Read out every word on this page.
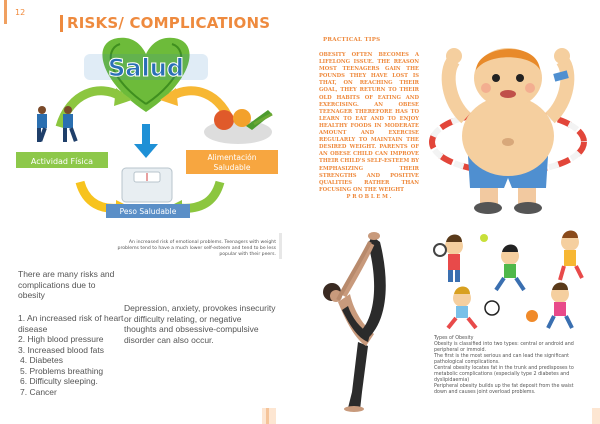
12
RISKS/ COMPLICATIONS
Salud
Actividad Física	Alimentación
Saludable
Peso Saludable
An increased risk of emotional problems. Teenagers with weight problems tend to have a much lower self-esteem and tend to be less popular with their peers.
There are many risks and complications due to obesity
1. An increased risk of heart disease
2. High blood pressure
3. Increased blood fats
4. Diabetes
5. Problems breathing
6. Difficulty sleeping.
7. Cancer
Depression, anxiety, provokes insecurity or difficulty relating, or negative thoughts and obsessive-compulsive disorder can also occur.
PRACTICAL TIPS
OBESITY OFTEN BECOMES A LIFELONG ISSUE. THE REASON MOST TEENAGERS GAIN THE POUNDS THEY HAVE LOST IS THAT, ON REACHING THEIR GOAL, THEY RETURN TO THEIR OLD HABITS OF EATING AND EXERCISING. AN OBESE TEENAGER THEREFORE HAS TO LEARN TO EAT AND TO ENJOY HEALTHY FOODS IN MODERATE AMOUNT AND EXERCISE REGULARLY TO MAINTAIN THE DESIRED WEIGHT. PARENTS OF AN OBESE CHILD CAN IMPROVE THEIR CHILD'S SELF-ESTEEM BY EMPHASIZING THEIR STRENGTHS AND POSITIVE QUALITIES RATHER THAN FOCUSING ON THE WEIGHT
P R O B L E M .

Types of Obesity

Obesity is classified into two types: central or android and peripheral or immoid.

The first is the most serious and can lead the significant pathological complications.

Central obesity locates fat in the trunk and predisposes to metabolic complications (especially type 2 diabetes and dyslipidaemia)

Peripheral obesity builds up the fat deposit from the waist down and causes joint overload problems.
